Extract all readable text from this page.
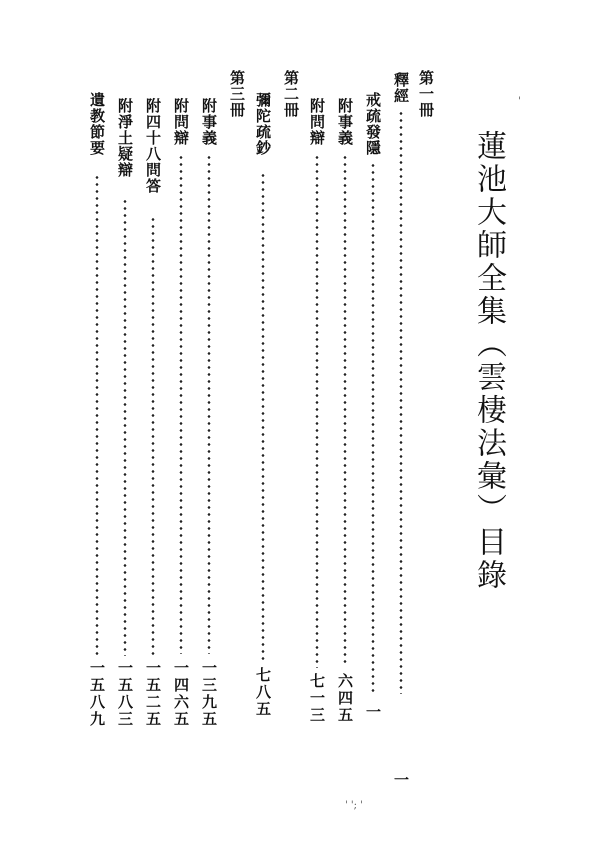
蓮池大師全集︵雲棲法彙︶目錄
第一冊
釋經
一
戒疏發隱
一
附事義
六四五
附問辯
七一三
第二冊
彌陀疏鈔
七八五
第三冊
附事義
一三九五
附問辯
一四六五
附四十八問答
一五二五
附淨土疑辯
一五八三
遺教節要
一五八九
'
' '; '
